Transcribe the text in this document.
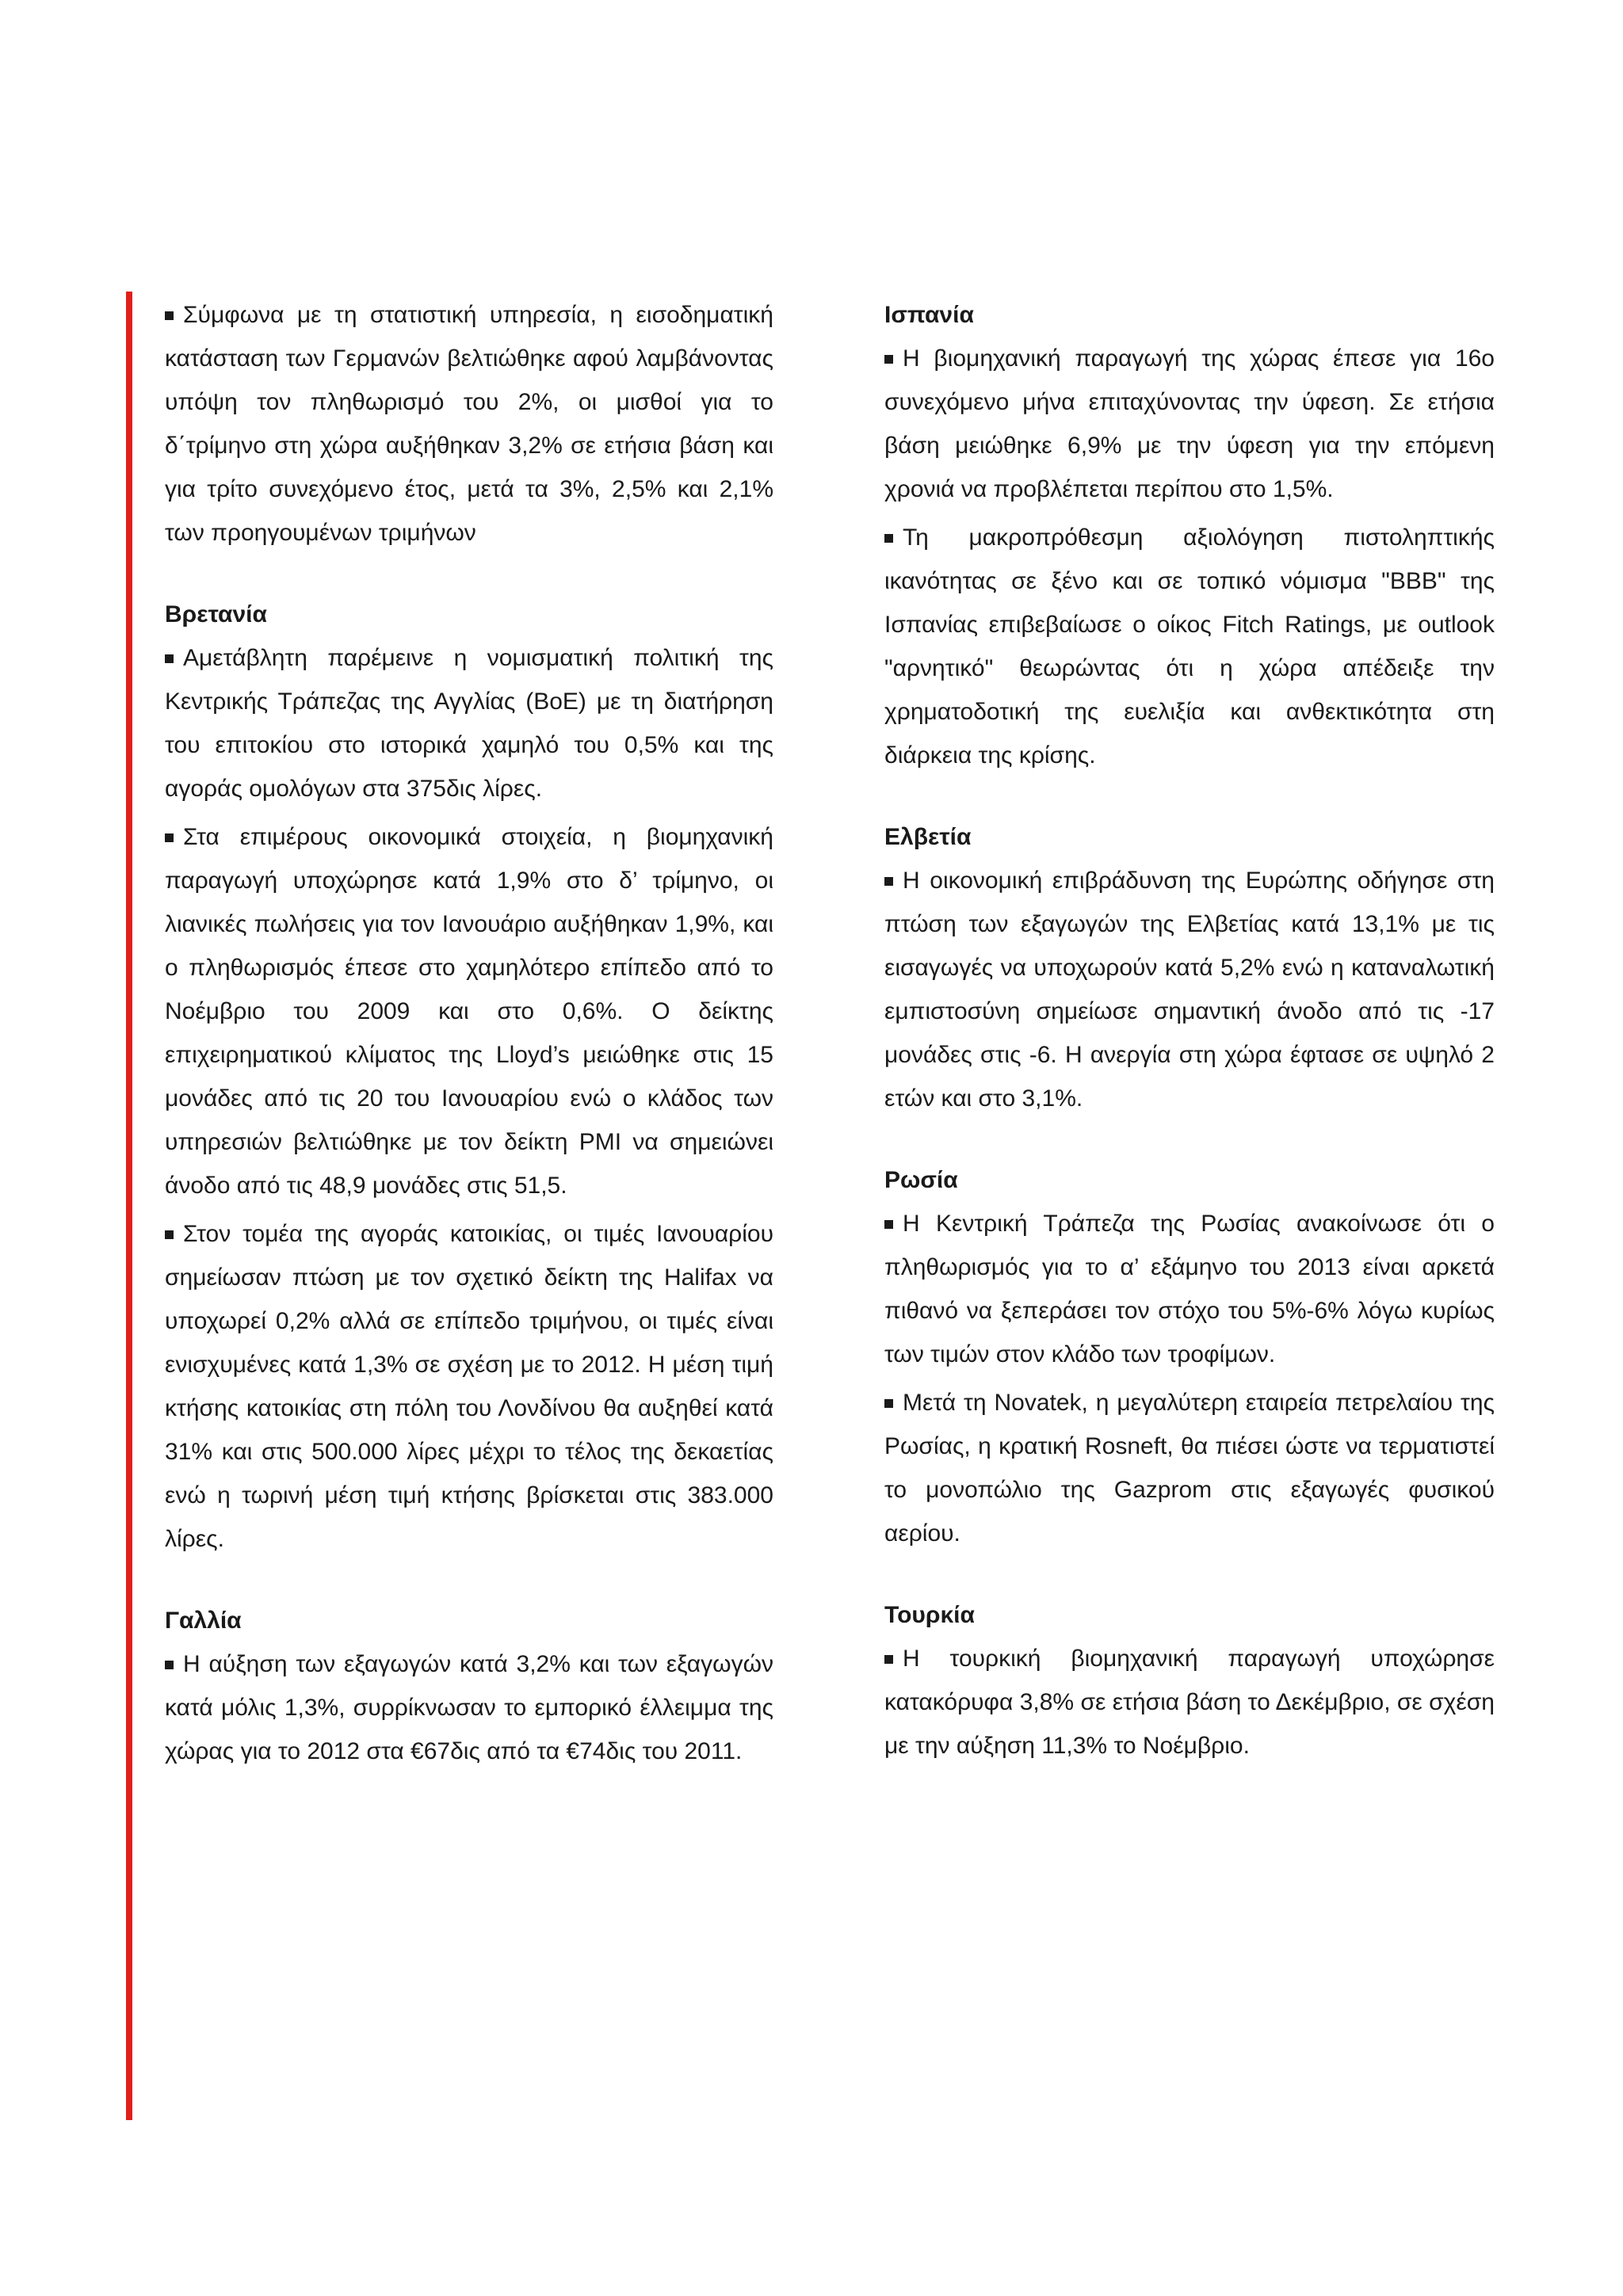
Σύμφωνα με τη στατιστική υπηρεσία, η εισοδηματική κατάσταση των Γερμανών βελτιώθηκε αφού λαμβάνοντας υπόψη τον πληθωρισμό του 2%, οι μισθοί για το δ΄τρίμηνο στη χώρα αυξήθηκαν 3,2% σε ετήσια βάση και για τρίτο συνεχόμενο έτος, μετά τα 3%, 2,5% και 2,1% των προηγουμένων τριμήνων

Βρετανία

Αμετάβλητη παρέμεινε η νομισματική πολιτική της Κεντρικής Τράπεζας της Αγγλίας (BoE) με τη διατήρηση του επιτοκίου στο ιστορικά χαμηλό του 0,5% και της αγοράς ομολόγων στα 375δις λίρες.

Στα επιμέρους οικονομικά στοιχεία, η βιομηχανική παραγωγή υποχώρησε κατά 1,9% στο δ’ τρίμηνο, οι λιανικές πωλήσεις για τον Ιανουάριο αυξήθηκαν 1,9%, και ο πληθωρισμός έπεσε στο χαμηλότερο επίπεδο από το Νοέμβριο του 2009 και στο 0,6%. Ο δείκτης επιχειρηματικού κλίματος της Lloyd’s μειώθηκε στις 15 μονάδες από τις 20 του Ιανουαρίου ενώ ο κλάδος των υπηρεσιών βελτιώθηκε με τον δείκτη PMI να σημειώνει άνοδο από τις 48,9 μονάδες στις 51,5.

Στον τομέα της αγοράς κατοικίας, οι τιμές Ιανουαρίου σημείωσαν πτώση με τον σχετικό δείκτη της Halifax να υποχωρεί 0,2% αλλά σε επίπεδο τριμήνου, οι τιμές είναι ενισχυμένες κατά 1,3% σε σχέση με το 2012. Η μέση τιμή κτήσης κατοικίας στη πόλη του Λονδίνου θα αυξηθεί κατά 31% και στις 500.000 λίρες μέχρι το τέλος της δεκαετίας ενώ η τωρινή μέση τιμή κτήσης βρίσκεται στις 383.000 λίρες.

Γαλλία

Η αύξηση των εξαγωγών κατά 3,2% και των εξαγωγών κατά μόλις 1,3%, συρρίκνωσαν το εμπορικό έλλειμμα της χώρας για το 2012 στα €67δις από τα €74δις του 2011.

Ισπανία

Η βιομηχανική παραγωγή της χώρας έπεσε για 16ο συνεχόμενο μήνα επιταχύνοντας την ύφεση. Σε ετήσια βάση μειώθηκε 6,9% με την ύφεση για την επόμενη χρονιά να προβλέπεται περίπου στο 1,5%.

Τη μακροπρόθεσμη αξιολόγηση πιστοληπτικής ικανότητας σε ξένο και σε τοπικό νόμισμα "BBB" της Ισπανίας επιβεβαίωσε ο οίκος Fitch Ratings, με outlook "αρνητικό" θεωρώντας ότι η χώρα απέδειξε την χρηματοδοτική της ευελιξία και ανθεκτικότητα στη διάρκεια της κρίσης.

Ελβετία

Η οικονομική επιβράδυνση της Ευρώπης οδήγησε στη πτώση των εξαγωγών της Ελβετίας κατά 13,1% με τις εισαγωγές να υποχωρούν κατά 5,2% ενώ η καταναλωτική εμπιστοσύνη σημείωσε σημαντική άνοδο από τις -17 μονάδες στις -6. Η ανεργία στη χώρα έφτασε σε υψηλό 2 ετών και στο 3,1%.

Ρωσία

Η Κεντρική Τράπεζα της Ρωσίας ανακοίνωσε ότι ο πληθωρισμός για το α’ εξάμηνο του 2013 είναι αρκετά πιθανό να ξεπεράσει τον στόχο του 5%-6% λόγω κυρίως των τιμών στον κλάδο των τροφίμων.

Μετά τη Novatek, η μεγαλύτερη εταιρεία πετρελαίου της Ρωσίας, η κρατική Rosneft, θα πιέσει ώστε να τερματιστεί το μονοπώλιο της Gazprom στις εξαγωγές φυσικού αερίου.

Τουρκία

Η τουρκική βιομηχανική παραγωγή υποχώρησε κατακόρυφα 3,8% σε ετήσια βάση το Δεκέμβριο, σε σχέση με την αύξηση 11,3% το Νοέμβριο.
